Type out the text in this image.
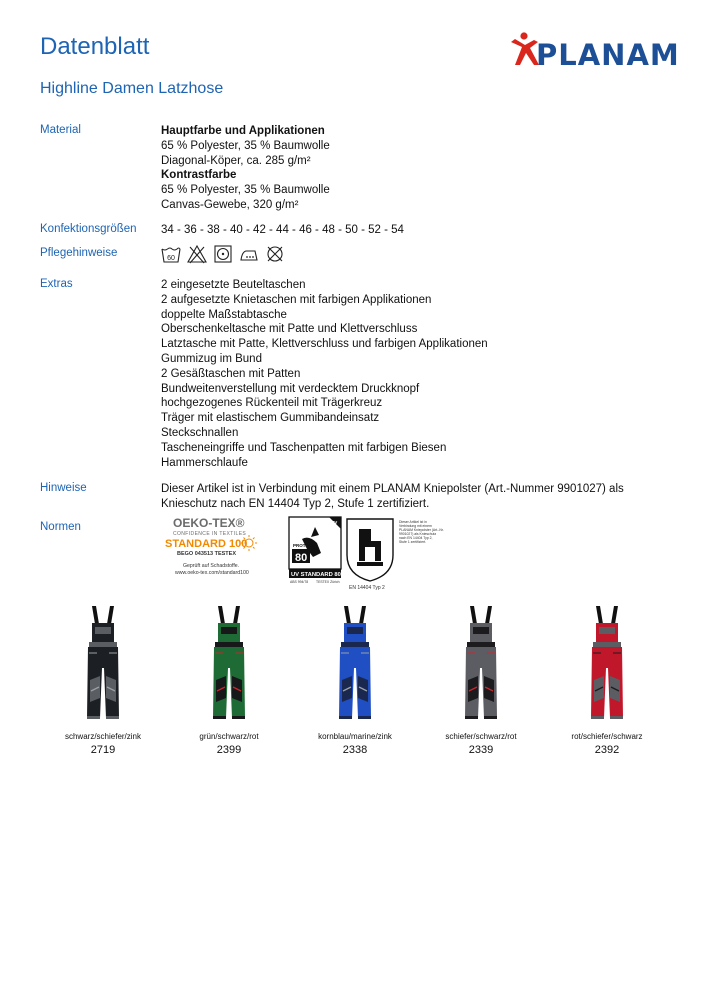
Datenblatt
Highline Damen Latzhose
PLANAM
Material	Hauptfarbe und Applikationen
65 % Polyester, 35 % Baumwolle
Diagonal-Köper, ca. 285 g/m²
Kontrastfarbe
65 % Polyester, 35 % Baumwolle
Canvas-Gewebe, 320 g/m²
Konfektionsgrößen 34 - 36 - 38 - 40 - 42 - 44 - 46 - 48 - 50 - 52 - 54
Pflegehinweise	60
Extras	2 eingesetzte Beuteltaschen
2 aufgesetzte Knietaschen mit farbigen Applikationen
doppelte Maßstabtasche
Oberschenkeltasche mit Patte und Klettverschluss
Latztasche mit Patte, Klettverschluss und farbigen Applikationen
Gummizug im Bund
2 Gesäßtaschen mit Patten
Bundweitenverstellung mit verdecktem Druckknopf
hochgezogenes Rückenteil mit Trägerkreuz
Träger mit elastischem Gummibandeinsatz
Steckschnallen
Tascheneingriffe und Taschenpatten mit farbigen Biesen
Hammerschlaufe
Hinweise	Dieser Artikel ist in Verbindung mit einem PLANAM Kniepolster (Art.-Nummer 9901027) als
Knieschutz nach EN 14404 Typ 2, Stufe 1 zertifiziert.
Normen	OEKO-TEX®
CONFIDENCE IN TEXTILES
STANDARD 100
BEGO 043513 TESTEX
Geprüft auf Schadstoffe.
www.oeko-tex.com/standard100
UV
PROTECT
80
UV STANDARD 801
ABS 994/78 TESTEX Zürich
EN 14404 Typ 2
Dieser Artikel ist in
Verbindung mit einem
PLANAM Kniepolster (Art.-Nr.
9901027) als Knieschutz
nach EN 14404 Typ 2,
Stufe 1 zertifiziert.
schwarz/schiefer/zink
2719
grün/schwarz/rot
2399
kornblau/marine/zink
2338
schiefer/schwarz/rot
2339
rot/schiefer/schwarz
2392
